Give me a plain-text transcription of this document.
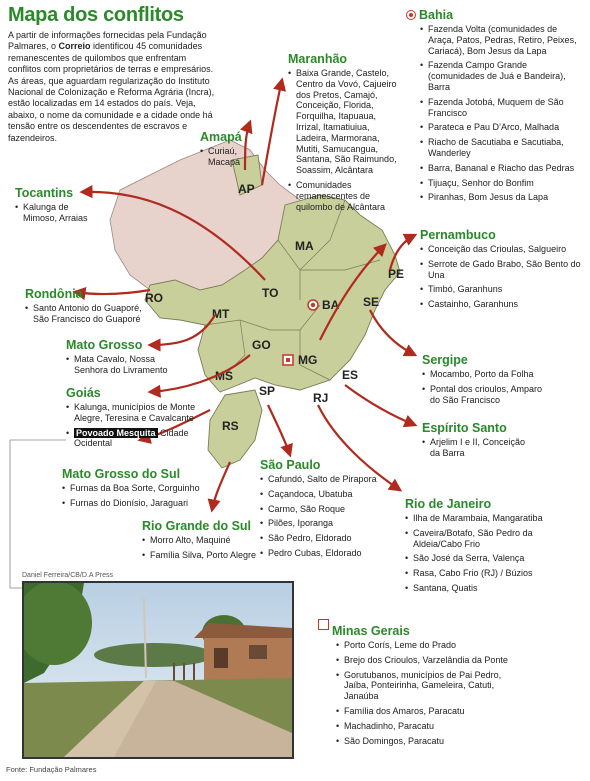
AP
MA
PE
SE
BA
TO
RO
MT
GO
MG
MS
SP
ES
RJ
RS
Mapa dos conflitos
A partir de informações fornecidas pela Fundação Palmares, o Correio identificou 45 comunidades remanescentes de quilombos que enfrentam conflitos com proprietários de terras e empresários. As áreas, que aguardam regularização do Instituto Nacional de Colonização e Reforma Agrária (Incra), estão localizadas em 14 estados do país. Veja, abaixo, o nome da comunidade e a cidade onde há tensão entre os descendentes de escravos e fazendeiros.
Maranhão
• Baixa Grande, Castelo, Centro da Vovó, Cajueiro dos Pretos, Camajó, Conceição, Florida, Forquilha, Itapuaua, Irrizal, Itamatiuiua, Ladeira, Marmorana, Mutiti, Samucangua, Santana, São Raimundo, Soassim, Alcântara
• Comunidades remanescentes de quilombo de Alcântara
Amapá
• Curiaú, Macapá
Tocantins
• Kalunga de Mimoso, Arraias
Rondônia
• Santo Antonio do Guaporé, São Francisco do Guaporé
Mato Grosso
• Mata Cavalo, Nossa Senhora do Livramento
Goiás
• Kalunga, municípios de Monte Alegre, Teresina e Cavalcante
• Povoado Mesquita Cidade Ocidental
Mato Grosso do Sul
• Furnas da Boa Sorte, Corguinho
• Furnas do Dionísio, Jaraguari
Rio Grande do Sul
• Morro Alto, Maquiné
• Família Silva, Porto Alegre
São Paulo
• Cafundó, Salto de Pirapora
• Caçandoca, Ubatuba
• Carmo, São Roque
• Pilões, Iporanga
• São Pedro, Eldorado
• Pedro Cubas, Eldorado
Bahia
• Fazenda Volta (comunidades de Araça, Patos, Pedras, Retiro, Peixes, Cariacá), Bom Jesus da Lapa
• Fazenda Campo Grande (comunidades de Juá e Bandeira), Barra
• Fazenda Jotobá, Muquem de São Francisco
• Parateca e Pau D’Arco, Malhada
• Riacho de Sacutiaba e Sacutiaba, Wanderley
• Barra, Bananal e Riacho das Pedras
• Tijuaçu, Senhor do Bonfim
• Piranhas, Bom Jesus da Lapa
Pernambuco
• Conceição das Crioulas, Salgueiro
• Serrote de Gado Brabo, São Bento do Una
• Timbó, Garanhuns
• Castainho, Garanhuns
Sergipe
• Mocambo, Porto da Folha
• Pontal dos crioulos, Amparo do São Francisco
Espírito Santo
• Arjelim I e II, Conceição da Barra
Rio de Janeiro
• Ilha de Marambaia, Mangaratiba
• Caveira/Botafo, São Pedro da Aldeia/Cabo Frio
• São José da Serra, Valença
• Rasa, Cabo Frio (RJ) / Búzios
• Santana, Quatis
Minas Gerais
• Porto Corís, Leme do Prado
• Brejo dos Crioulos, Varzelândia da Ponte
• Gorutubanos, municípios de Pai Pedro, Jaíba, Ponteirinha, Gameleira, Catuti, Janaúba
• Família dos Amaros, Paracatu
• Machadinho, Paracatu
• São Domingos, Paracatu
Daniel Ferreira/CB/D.A Press
Fonte: Fundação Palmares
